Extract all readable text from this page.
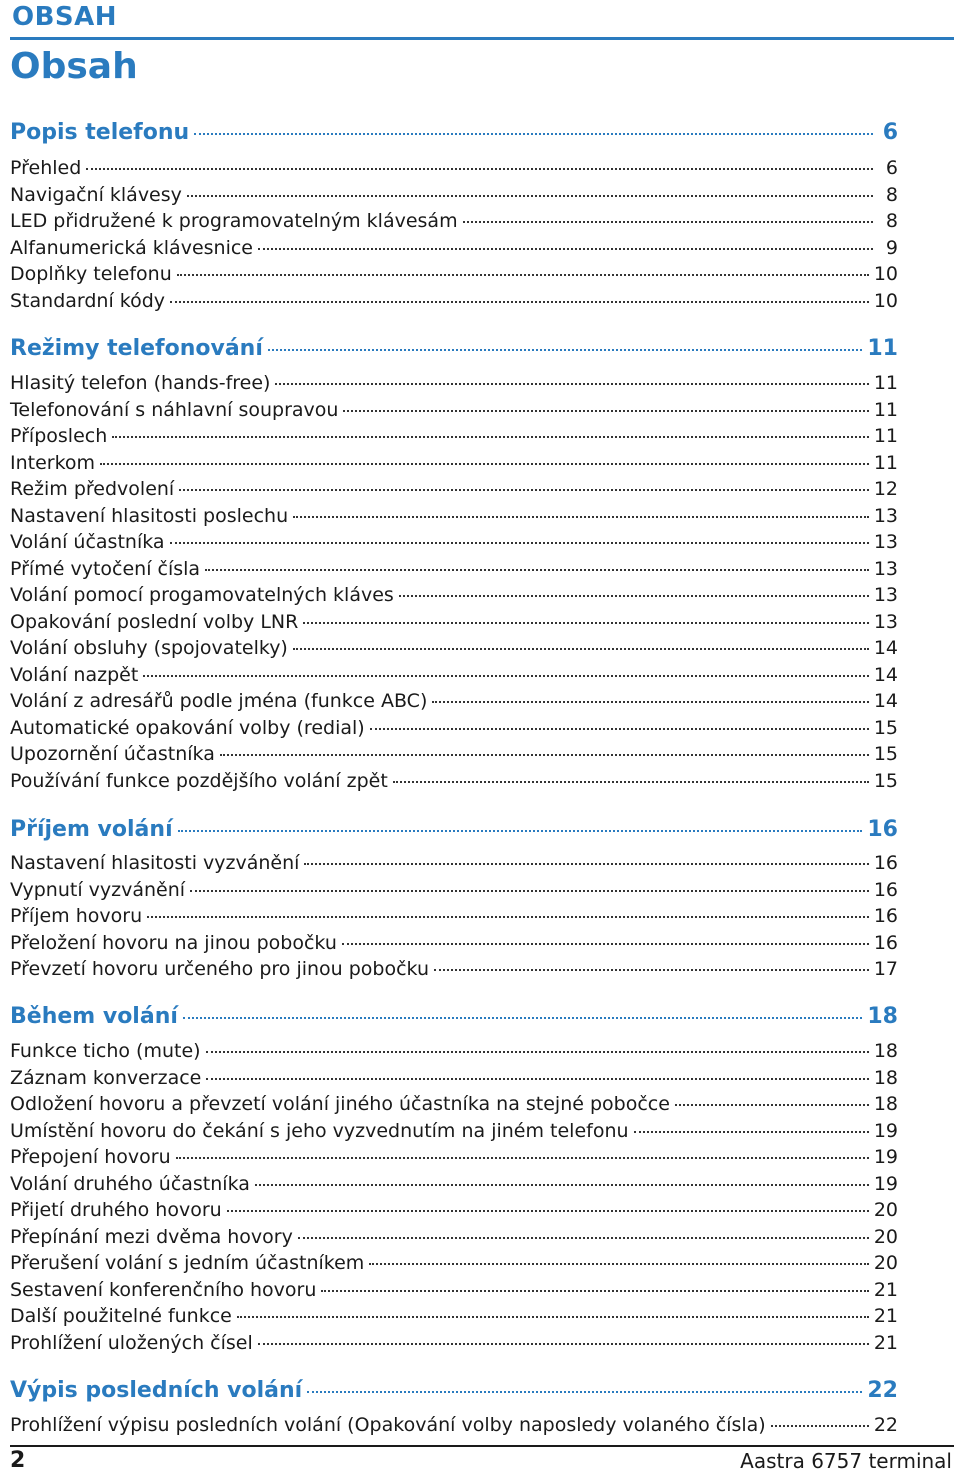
OBSAH
Obsah
Popis telefonu	6
Přehled	6
Navigační klávesy	8
LED přidružené k programovatelným klávesám	8
Alfanumerická klávesnice	9
Doplňky telefonu	10
Standardní kódy	10
Režimy telefonování	11
Hlasitý telefon (hands-free)	11
Telefonování s náhlavní soupravou	11
Příposlech	11
Interkom	11
Režim předvolení	12
Nastavení hlasitosti poslechu	13
Volání účastníka	13
Přímé vytočení čísla	13
Volání pomocí progamovatelných kláves	13
Opakování poslední volby LNR	13
Volání obsluhy (spojovatelky)	14
Volání nazpět	14
Volání z adresářů podle jména (funkce ABC)	14
Automatické opakování volby (redial)	15
Upozornění účastníka	15
Používání funkce pozdějšího volání zpět	15
Příjem volání	16
Nastavení hlasitosti vyzvánění	16
Vypnutí vyzvánění	16
Příjem hovoru	16
Přeložení hovoru na jinou pobočku	16
Převzetí hovoru určeného pro jinou pobočku	17
Během volání	18
Funkce ticho (mute)	18
Záznam konverzace	18
Odložení hovoru a převzetí volání jiného účastníka na stejné pobočce	18
Umístění hovoru do čekání s jeho vyzvednutím na jiném telefonu	19
Přepojení hovoru	19
Volání druhého účastníka	19
Přijetí druhého hovoru	20
Přepínání mezi dvěma hovory	20
Přerušení volání s jedním účastníkem	20
Sestavení konferenčního hovoru	21
Další použitelné funkce	21
Prohlížení uložených čísel	21
Výpis posledních volání	22
Prohlížení výpisu posledních volání (Opakování volby naposledy volaného čísla)	22
2	Aastra 6757 terminal
